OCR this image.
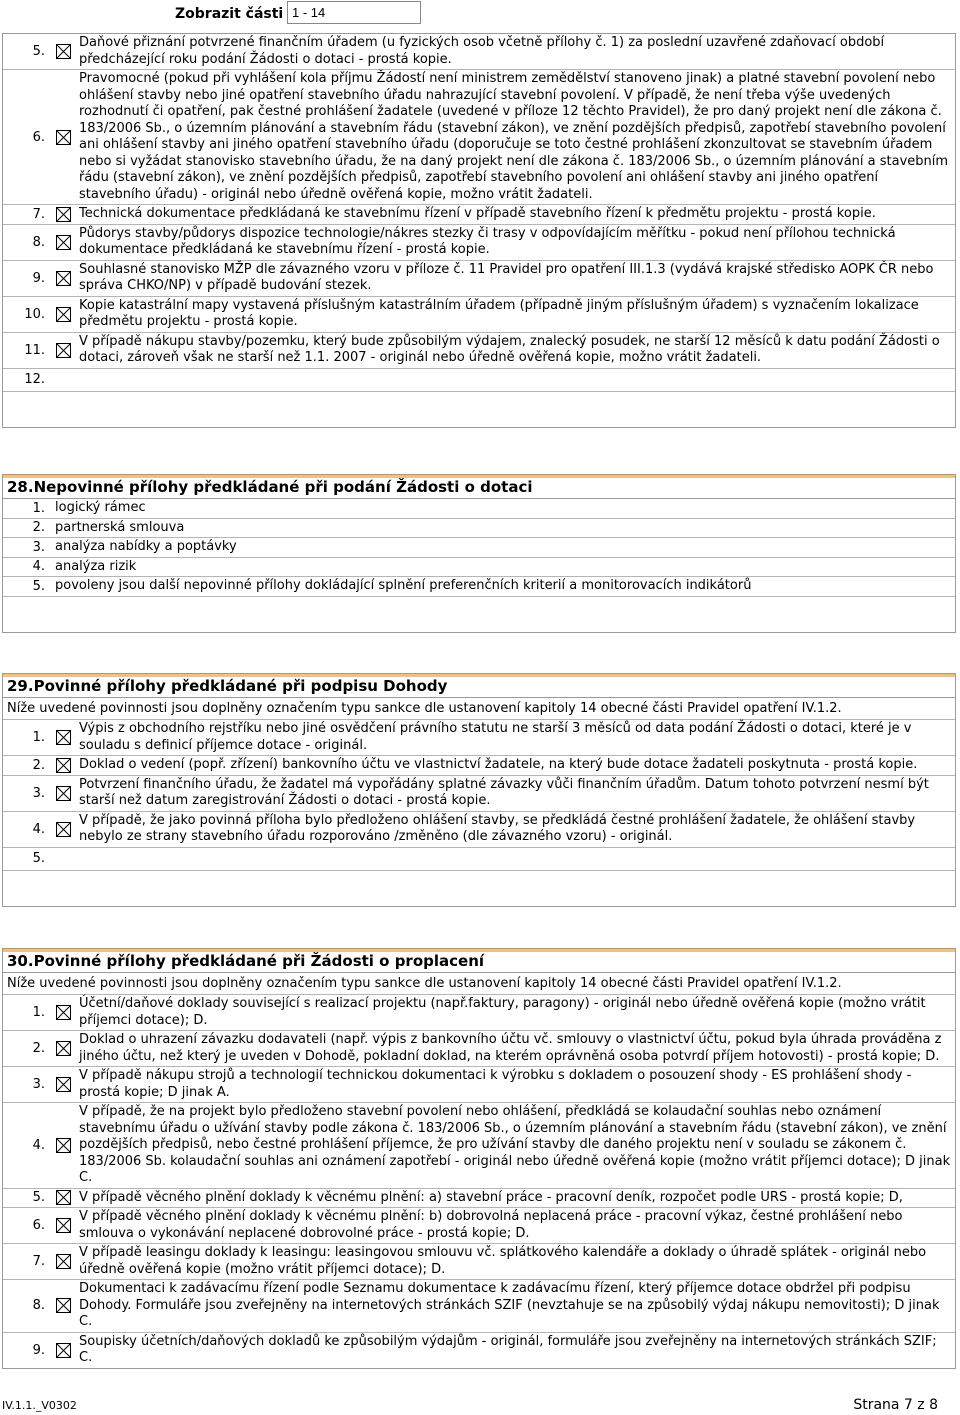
Zobrazit části
1 - 14
5.
Daňové přiznání potvrzené finančním úřadem (u fyzických osob včetně přílohy č. 1) za poslední uzavřené zdaňovací období předcházející roku podání Žádosti o dotaci - prostá kopie.
6.
Pravomocné (pokud při vyhlášení kola příjmu Žádostí není ministrem zemědělství stanoveno jinak) a platné stavební povolení nebo ohlášení stavby nebo jiné opatření stavebního úřadu nahrazující stavební povolení. V případě, že není třeba výše uvedených rozhodnutí či opatření, pak čestné prohlášení žadatele (uvedené v příloze 12 těchto Pravidel), že pro daný projekt není dle zákona č. 183/2006 Sb., o územním plánování a stavebním řádu (stavební zákon), ve znění pozdějších předpisů, zapotřebí stavebního povolení ani ohlášení stavby ani jiného opatření stavebního úřadu (doporučuje se toto čestné prohlášení zkonzultovat se stavebním úřadem nebo si vyžádat stanovisko stavebního úřadu, že na daný projekt není dle zákona č. 183/2006 Sb., o územním plánování a stavebním řádu (stavební zákon), ve znění pozdějších předpisů, zapotřebí stavebního povolení ani ohlášení stavby ani jiného opatření stavebního úřadu) - originál nebo úředně ověřená kopie, možno vrátit žadateli.
7.	Technická dokumentace předkládaná ke stavebnímu řízení v případě stavebního řízení k předmětu projektu - prostá kopie.
8.
Půdorys stavby/půdorys dispozice technologie/nákres stezky či trasy v odpovídajícím měřítku - pokud není přílohou technická dokumentace předkládaná ke stavebnímu řízení - prostá kopie.
9.
Souhlasné stanovisko MŽP dle závazného vzoru v příloze č. 11 Pravidel pro opatření III.1.3 (vydává krajské středisko AOPK ČR nebo správa CHKO/NP) v případě budování stezek.
10.
Kopie katastrální mapy vystavená příslušným katastrálním úřadem (případně jiným příslušným úřadem) s vyznačením lokalizace předmětu projektu - prostá kopie.
11.
V případě nákupu stavby/pozemku, který bude způsobilým výdajem, znalecký posudek, ne starší 12 měsíců k datu podání Žádosti o dotaci, zároveň však ne starší než 1.1. 2007 - originál nebo úředně ověřená kopie, možno vrátit žadateli.
12.
28.Nepovinné přílohy předkládané při podání Žádosti o dotaci
1. logický rámec
2. partnerská smlouva
3. analýza nabídky a poptávky
4. analýza rizik
5. povoleny jsou další nepovinné přílohy dokládající splnění preferenčních kriterií a monitorovacích indikátorů
29.Povinné přílohy předkládané při podpisu Dohody
Níže uvedené povinnosti jsou doplněny označením typu sankce dle ustanovení kapitoly 14 obecné části Pravidel opatření IV.1.2.
1.
Výpis z obchodního rejstříku nebo jiné osvědčení právního statutu ne starší 3 měsíců od data podání Žádosti o dotaci, které je v souladu s definicí příjemce dotace - originál.
2.	Doklad o vedení (popř. zřízení) bankovního účtu ve vlastnictví žadatele, na který bude dotace žadateli poskytnuta - prostá kopie.
3.
Potvrzení finančního úřadu, že žadatel má vypořádány splatné závazky vůči finančním úřadům. Datum tohoto potvrzení nesmí být starší než datum zaregistrování Žádosti o dotaci - prostá kopie.
4.
V případě, že jako povinná příloha bylo předloženo ohlášení stavby, se předkládá čestné prohlášení žadatele, že ohlášení stavby nebylo ze strany stavebního úřadu rozporováno /změněno (dle závazného vzoru) - originál.
5.
30.Povinné přílohy předkládané při Žádosti o proplacení
Níže uvedené povinnosti jsou doplněny označením typu sankce dle ustanovení kapitoly 14 obecné části Pravidel opatření IV.1.2.
1.
Účetní/daňové doklady související s realizací projektu (např.faktury, paragony) - originál nebo úředně ověřená kopie (možno vrátit příjemci dotace); D.
2.
Doklad o uhrazení závazku dodavateli (např. výpis z bankovního účtu vč. smlouvy o vlastnictví účtu, pokud byla úhrada prováděna z jiného účtu, než který je uveden v Dohodě, pokladní doklad, na kterém oprávněná osoba potvrdí příjem hotovosti) - prostá kopie; D.
3.
V případě nákupu strojů a technologií technickou dokumentaci k výrobku s dokladem o posouzení shody - ES prohlášení shody - prostá kopie; D jinak A.
4.
V případě, že na projekt bylo předloženo stavební povolení nebo ohlášení, předkládá se kolaudační souhlas nebo oznámení stavebnímu úřadu o užívání stavby podle zákona č. 183/2006 Sb., o územním plánování a stavebním řádu (stavební zákon), ve znění pozdějších předpisů, nebo čestné prohlášení příjemce, že pro užívání stavby dle daného projektu není v souladu se zákonem č. 183/2006 Sb. kolaudační souhlas ani oznámení zapotřebí - originál nebo úředně ověřená kopie (možno vrátit příjemci dotace); D jinak C.
5.	V případě věcného plnění doklady k věcnému plnění: a) stavební práce - pracovní deník, rozpočet podle URS - prostá kopie; D,
6.
V případě věcného plnění doklady k věcnému plnění: b) dobrovolná neplacená práce - pracovní výkaz, čestné prohlášení nebo smlouva o vykonávání neplacené dobrovolné práce - prostá kopie; D.
7.
V případě leasingu doklady k leasingu: leasingovou smlouvu vč. splátkového kalendáře a doklady o úhradě splátek - originál nebo úředně ověřená kopie (možno vrátit příjemci dotace); D.
8.
Dokumentaci k zadávacímu řízení podle Seznamu dokumentace k zadávacímu řízení, který příjemce dotace obdržel při podpisu Dohody. Formuláře jsou zveřejněny na internetových stránkách SZIF (nevztahuje se na způsobilý výdaj nákupu nemovitosti); D jinak C.
9.
Soupisky účetních/daňových dokladů ke způsobilým výdajům - originál, formuláře jsou zveřejněny na internetových stránkách SZIF; C.
IV.1.1._V0302	Strana 7 z 8
